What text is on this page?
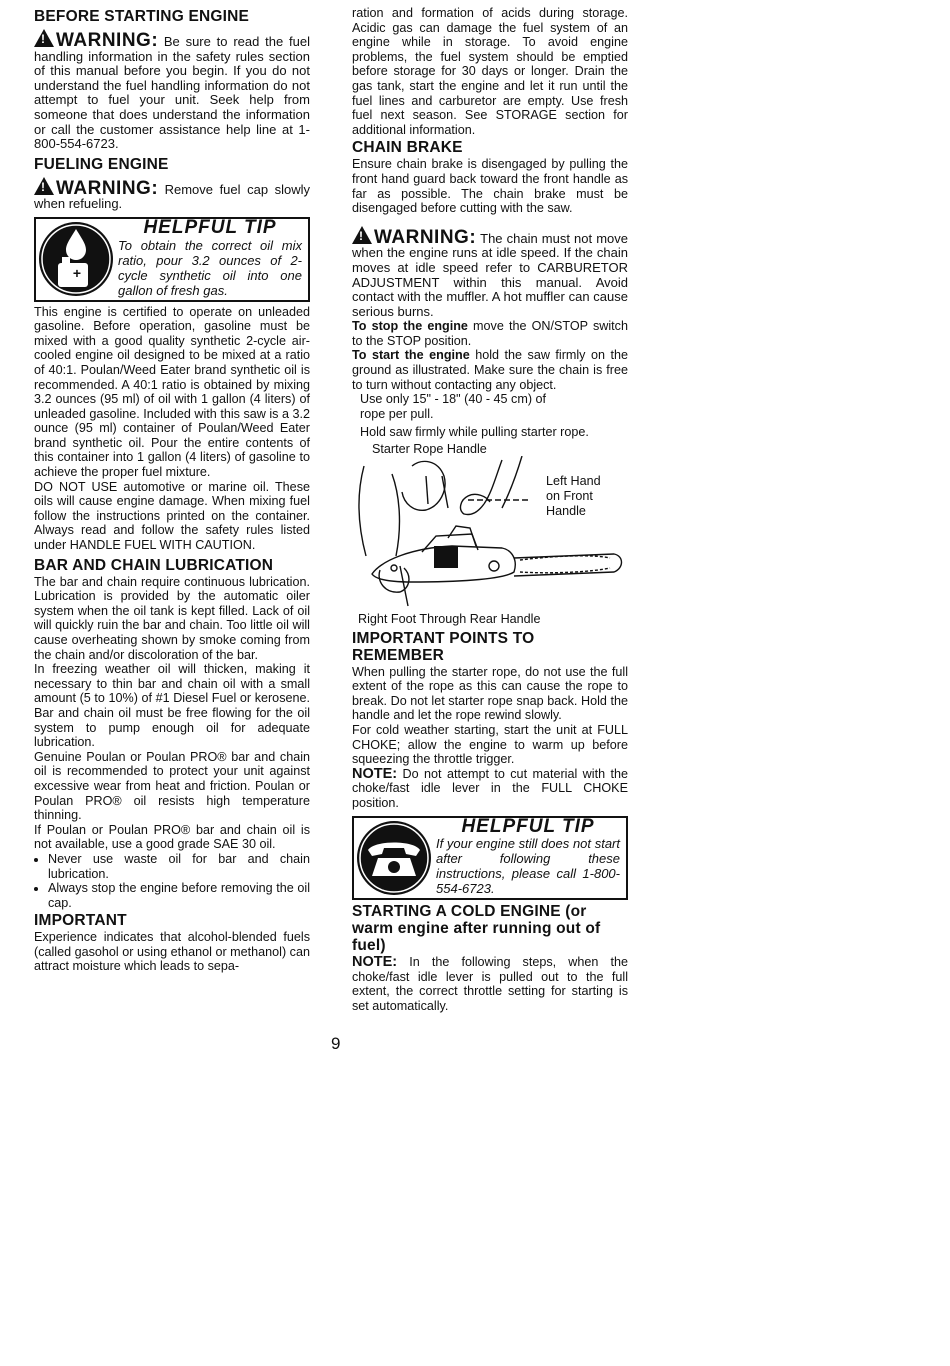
BEFORE STARTING ENGINE

!WARNING: Be sure to read the fuel handling information in the safety rules section of this manual before you begin. If you do not understand the fuel handling information do not attempt to fuel your unit. Seek help from someone that does understand the information or call the customer assistance help line at 1-800-554-6723.

FUELING ENGINE

!WARNING: Remove fuel cap slowly when refueling.

+
HELPFUL TIP
To obtain the correct oil mix ratio, pour 3.2 ounces of 2-cycle synthetic oil into one gallon of fresh gas.

This engine is certified to operate on unleaded gasoline. Before operation, gasoline must be mixed with a good quality synthetic 2-cycle air-cooled engine oil designed to be mixed at a ratio of 40:1. Poulan/Weed Eater brand synthetic oil is recommended. A 40:1 ratio is obtained by mixing 3.2 ounces (95 ml) of oil with 1 gallon (4 liters) of unleaded gasoline. Included with this saw is a 3.2 ounce (95 ml) container of Poulan/Weed Eater brand synthetic oil. Pour the entire contents of this container into 1 gallon (4 liters) of gasoline to achieve the proper fuel mixture.

DO NOT USE automotive or marine oil. These oils will cause engine damage. When mixing fuel follow the instructions printed on the container. Always read and follow the safety rules listed under HANDLE FUEL WITH CAUTION.

BAR AND CHAIN LUBRICATION

The bar and chain require continuous lubrication. Lubrication is provided by the automatic oiler system when the oil tank is kept filled. Lack of oil will quickly ruin the bar and chain. Too little oil will cause overheating shown by smoke coming from the chain and/or discoloration of the bar.

In freezing weather oil will thicken, making it necessary to thin bar and chain oil with a small amount (5 to 10%) of #1 Diesel Fuel or kerosene. Bar and chain oil must be free flowing for the oil system to pump enough oil for adequate lubrication.

Genuine Poulan or Poulan PRO® bar and chain oil is recommended to protect your unit against excessive wear from heat and friction. Poulan or Poulan PRO® oil resists high temperature thinning.

If Poulan or Poulan PRO® bar and chain oil is not available, use a good grade SAE 30 oil.

• Never use waste oil for bar and chain lubrication.
• Always stop the engine before removing the oil cap.
IMPORTANT

Experience indicates that alcohol-blended fuels (called gasohol or using ethanol or methanol) can attract moisture which leads to sepa-

ration and formation of acids during storage. Acidic gas can damage the fuel system of an engine while in storage. To avoid engine problems, the fuel system should be emptied before storage for 30 days or longer. Drain the gas tank, start the engine and let it run until the fuel lines and carburetor are empty. Use fresh fuel next season. See STORAGE section for additional information.

CHAIN BRAKE

Ensure chain brake is disengaged by pulling the front hand guard back toward the front handle as far as possible. The chain brake must be disengaged before cutting with the saw.

!WARNING: The chain must not move when the engine runs at idle speed. If the chain moves at idle speed refer to CARBURETOR ADJUSTMENT within this manual. Avoid contact with the muffler. A hot muffler can cause serious burns.

To stop the engine move the ON/STOP switch to the STOP position.

To start the engine hold the saw firmly on the ground as illustrated. Make sure the chain is free to turn without contacting any object.

Use only 15" - 18" (40 - 45 cm) of
rope per pull.
Hold saw firmly while pulling starter rope.
Starter Rope Handle
Left Hand
on Front
Handle
Right Foot Through Rear Handle
IMPORTANT POINTS TO REMEMBER

When pulling the starter rope, do not use the full extent of the rope as this can cause the rope to break. Do not let starter rope snap back. Hold the handle and let the rope rewind slowly.

For cold weather starting, start the unit at FULL CHOKE; allow the engine to warm up before squeezing the throttle trigger.

NOTE: Do not attempt to cut material with the choke/fast idle lever in the FULL CHOKE position.

HELPFUL TIP
If your engine still does not start after following these instructions, please call 1-800-554-6723.
STARTING A COLD ENGINE (or warm engine after running out of fuel)

NOTE: In the following steps, when the choke/fast idle lever is pulled out to the full extent, the correct throttle setting for starting is set automatically.

9
